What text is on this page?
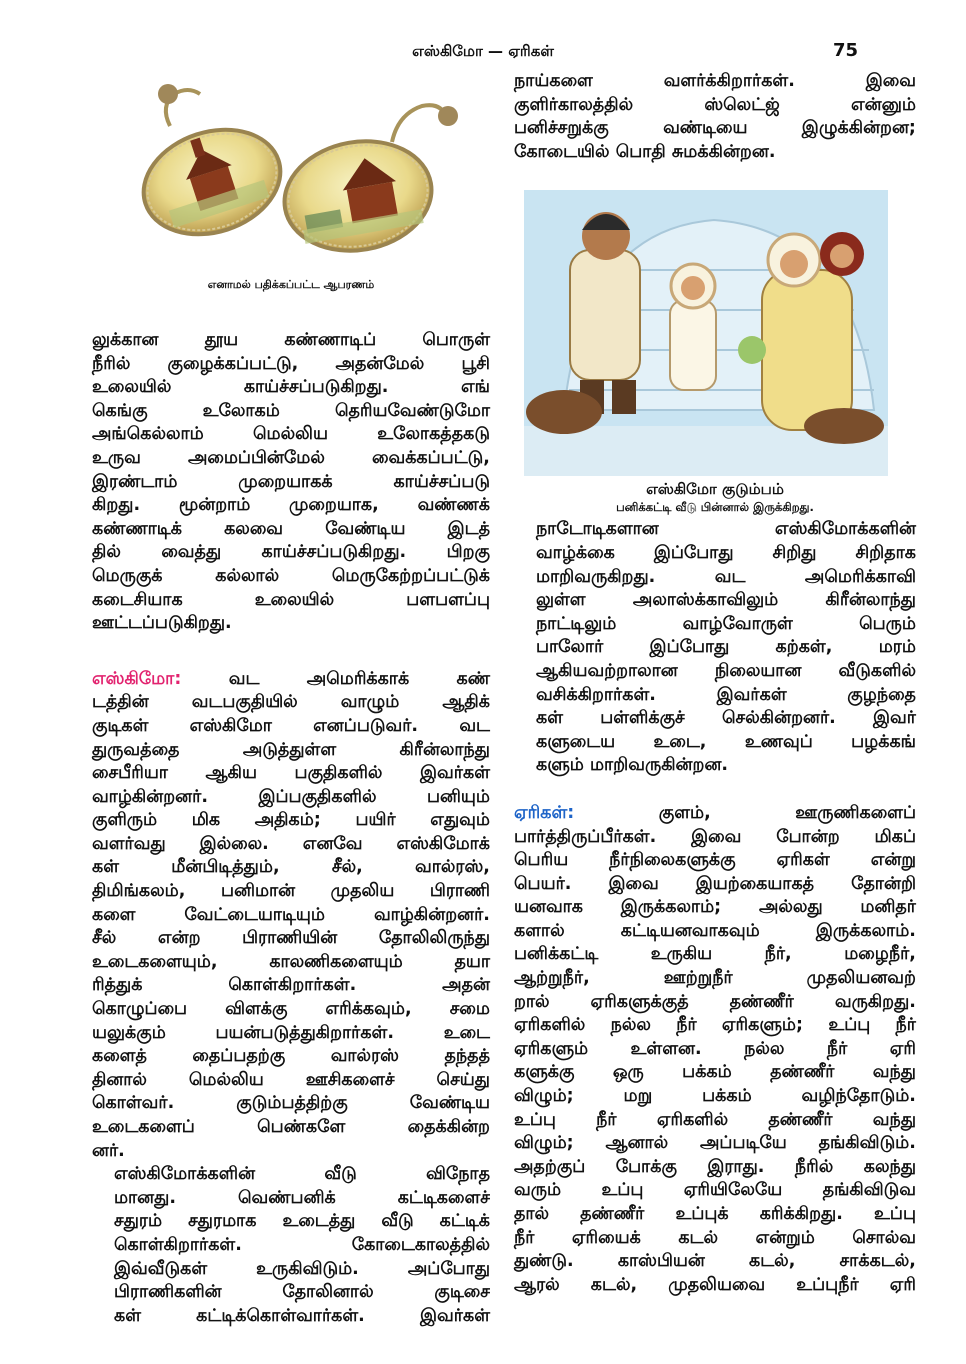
எஸ்கிமோ — ஏரிகள்	75
எனாமல் பதிக்கப்பட்ட ஆபரணம்

லுக்கான தூய கண்ணாடிப் பொருள்
நீரில் குழைக்கப்பட்டு, அதன்மேல் பூசி
உலையில் காய்ச்சப்படுகிறது. எங்
கெங்கு உலோகம் தெரியவேண்டுமோ
அங்கெல்லாம் மெல்லிய உலோகத்தகடு
உருவ அமைப்பின்மேல் வைக்கப்பட்டு,
இரண்டாம் முறையாகக் காய்ச்சப்படு
கிறது. மூன்றாம் முறையாக, வண்ணக்
கண்ணாடிக் கலவை வேண்டிய இடத்
தில் வைத்து காய்ச்சப்படுகிறது. பிறகு
மெருகுக் கல்லால் மெருகேற்றப்பட்டுக்
கடைசியாக உலையில் பளபளப்பு
ஊட்டப்படுகிறது.

எஸ்கிமோ:	வட அமெரிக்காக் கண்

டத்தின் வடபகுதியில் வாழும் ஆதிக்
குடிகள் எஸ்கிமோ எனப்படுவர். வட
துருவத்தை அடுத்துள்ள கிரீன்லாந்து
சைபீரியா ஆகிய பகுதிகளில் இவர்கள்
வாழ்கின்றனர். இப்பகுதிகளில் பனியும்
குளிரும் மிக அதிகம்; பயிர் எதுவும்
வளர்வது இல்லை. எனவே எஸ்கிமோக்
கள் மீன்பிடித்தும், சீல், வால்ரஸ்,
திமிங்கலம், பனிமான் முதலிய பிராணி
களை வேட்டையாடியும் வாழ்கின்றனர்.
சீல் என்ற பிராணியின் தோலிலிருந்து
உடைகளையும், காலணிகளையும் தயா
ரித்துக் கொள்கிறார்கள். அதன்
கொழுப்பை விளக்கு எரிக்கவும், சமை
யலுக்கும் பயன்படுத்துகிறார்கள். உடை
களைத் தைப்பதற்கு வால்ரஸ் தந்தத்
தினால் மெல்லிய ஊசிகளைச் செய்து
கொள்வர். குடும்பத்திற்கு வேண்டிய
உடைகளைப் பெண்களே தைக்கின்ற
னர்.

எஸ்கிமோக்களின் வீடு விநோத
மானது. வெண்பனிக் கட்டிகளைச்
சதுரம் சதுரமாக உடைத்து வீடு கட்டிக்
கொள்கிறார்கள். கோடைகாலத்தில்
இவ்வீடுகள் உருகிவிடும். அப்போது
பிராணிகளின் தோலினால் குடிசை
கள் கட்டிக்கொள்வார்கள். இவர்கள்

நாய்களை வளர்க்கிறார்கள். இவை
குளிர்காலத்தில் ஸ்லெட்ஜ் என்னும்
பனிச்சறுக்கு வண்டியை இழுக்கின்றன;
கோடையில் பொதி சுமக்கின்றன.

எஸ்கிமோ குடும்பம்
பனிக்கட்டி வீடு பின்னால் இருக்கிறது.

நாடோடிகளான எஸ்கிமோக்களின்
வாழ்க்கை இப்போது சிறிது சிறிதாக
மாறிவருகிறது. வட அமெரிக்காவி
லுள்ள அலாஸ்க்காவிலும் கிரீன்லாந்து
நாட்டிலும் வாழ்வோருள் பெரும்
பாலோர் இப்போது கற்கள், மரம்
ஆகியவற்றாலான நிலையான வீடுகளில்
வசிக்கிறார்கள். இவர்கள் குழந்தை
கள் பள்ளிக்குச் செல்கின்றனர். இவர்
களுடைய உடை, உணவுப் பழக்கங்
களும் மாறிவருகின்றன.

ஏரிகள்:	குளம், ஊருணிகளைப்

பார்த்திருப்பீர்கள். இவை போன்ற மிகப்
பெரிய நீர்நிலைகளுக்கு ஏரிகள் என்று
பெயர். இவை இயற்கையாகத் தோன்றி
யனவாக இருக்கலாம்; அல்லது மனிதர்
களால் கட்டியனவாகவும் இருக்கலாம்.
பனிக்கட்டி உருகிய நீர், மழைநீர்,
ஆற்றுநீர், ஊற்றுநீர் முதலியனவற்
றால் ஏரிகளுக்குத் தண்ணீர் வருகிறது.
ஏரிகளில் நல்ல நீர் ஏரிகளும்; உப்பு நீர்
ஏரிகளும் உள்ளன. நல்ல நீர் ஏரி
களுக்கு ஒரு பக்கம் தண்ணீர் வந்து
விழும்; மறு பக்கம் வழிந்தோடும்.
உப்பு நீர் ஏரிகளில் தண்ணீர் வந்து
விழும்; ஆனால் அப்படியே தங்கிவிடும்.
அதற்குப் போக்கு இராது. நீரில் கலந்து
வரும் உப்பு ஏரியிலேயே தங்கிவிடுவ
தால் தண்ணீர் உப்புக் கரிக்கிறது. உப்பு
நீர் ஏரியைக் கடல் என்றும் சொல்வ
துண்டு. காஸ்பியன் கடல், சாக்கடல்,
ஆரல் கடல், முதலியவை உப்புநீர் ஏரி
